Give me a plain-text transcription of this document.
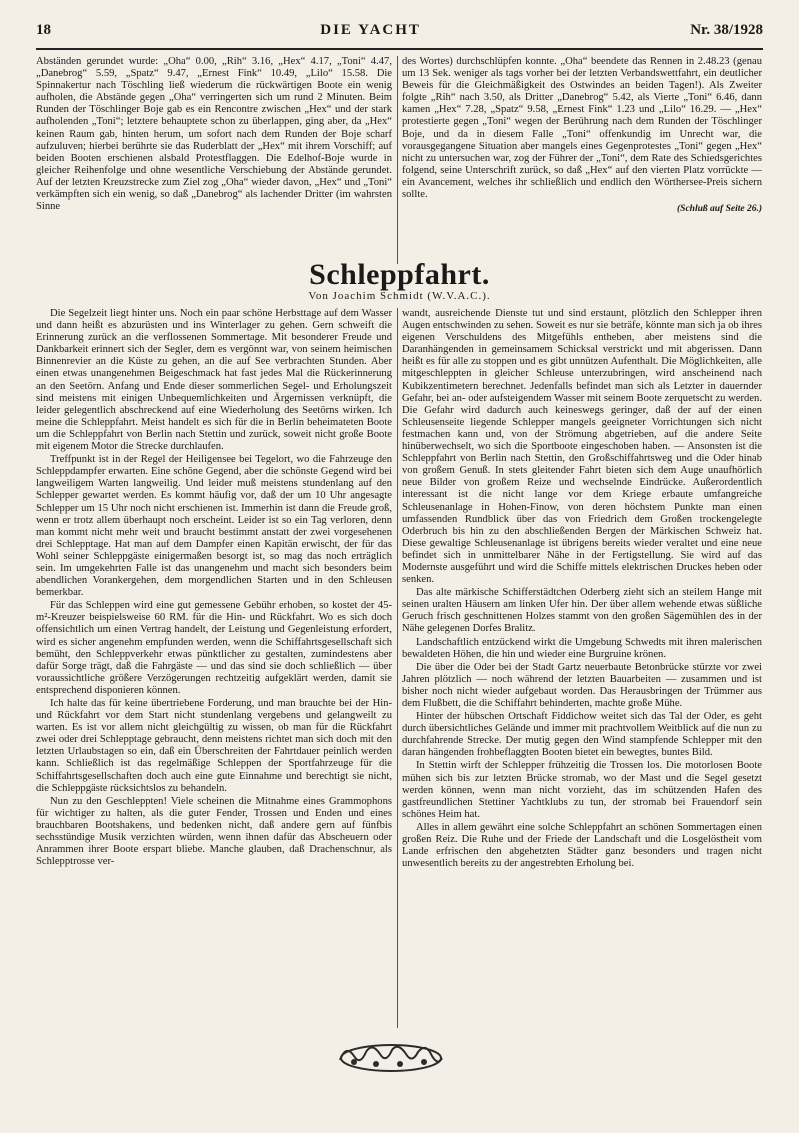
18	DIE YACHT	Nr. 38/1928

Abständen gerundet wurde: „Oha“ 0.00, „Rih“ 3.16, „Hex“ 4.17, „Toni“ 4.47, „Danebrog“ 5.59, „Spatz“ 9.47, „Ernest Fink“ 10.49, „Lilo“ 15.58. Die Spinnakertur nach Töschling ließ wiederum die rückwärtigen Boote ein wenig aufholen, die Abstände gegen „Oha“ verringerten sich um rund 2 Minuten. Beim Runden der Töschlinger Boje gab es ein Rencontre zwischen „Hex“ und der stark aufholenden „Toni“; letztere behauptete schon zu überlappen, ging aber, da „Hex“ keinen Raum gab, hinten herum, um sofort nach dem Runden der Boje scharf aufzuluven; hierbei berührte sie das Ruderblatt der „Hex“ mit ihrem Vorschiff; auf beiden Booten erschienen alsbald Protestflaggen. Die Edelhof-Boje wurde in gleicher Reihenfolge und ohne wesentliche Verschiebung der Abstände gerundet. Auf der letzten Kreuzstrecke zum Ziel zog „Oha“ wieder davon, „Hex“ und „Toni“ verkämpften sich ein wenig, so daß „Danebrog“ als lachender Dritter (im wahrsten Sinne

des Wortes) durchschlüpfen konnte. „Oha“ beendete das Rennen in 2.48.23 (genau um 13 Sek. weniger als tags vorher bei der letzten Verbandswettfahrt, ein deutlicher Beweis für die Gleichmäßigkeit des Ostwindes an beiden Tagen!). Als Zweiter folgte „Rih“ nach 3.50, als Dritter „Danebrog“ 5.42, als Vierte „Toni“ 6.46, dann kamen „Hex“ 7.28, „Spatz“ 9.58, „Ernest Fink“ 1.23 und „Lilo“ 16.29. — „Hex“ protestierte gegen „Toni“ wegen der Berührung nach dem Runden der Töschlinger Boje, und da in diesem Falle „Toni“ offenkundig im Unrecht war, die vorausgegangene Situation aber mangels eines Gegenprotestes „Toni“ gegen „Hex“ nicht zu untersuchen war, zog der Führer der „Toni“, dem Rate des Schiedsgerichtes folgend, seine Unterschrift zurück, so daß „Hex“ auf den vierten Platz vorrückte — ein Avancement, welches ihr schließlich und endlich den Wörthersee-Preis sichern sollte.

(Schluß auf Seite 26.)
Schleppfahrt.
Von Joachim Schmidt (W.V.A.C.).

Die Segelzeit liegt hinter uns. Noch ein paar schöne Herbsttage auf dem Wasser und dann heißt es abzurüsten und ins Winterlager zu gehen. Gern schweift die Erinnerung zurück an die verflossenen Sommertage. Mit besonderer Freude und Dankbarkeit erinnert sich der Segler, dem es vergönnt war, von seinem heimischen Binnenrevier an die Küste zu gehen, an die auf See verbrachten Stunden. Aber einen etwas unangenehmen Beigeschmack hat fast jedes Mal die Rückerinnerung an den Seetörn. Anfang und Ende dieser sommerlichen Segel- und Erholungszeit sind meistens mit einigen Unbequemlichkeiten und Ärgernissen verknüpft, die leider gelegentlich abschreckend auf eine Wiederholung des Seetörns wirken. Ich meine die Schleppfahrt. Meist handelt es sich für die in Berlin beheimateten Boote um die Schleppfahrt von Berlin nach Stettin und zurück, soweit nicht große Boote mit eigenem Motor die Strecke durchlaufen.

Treffpunkt ist in der Regel der Heiligensee bei Tegelort, wo die Fahrzeuge den Schleppdampfer erwarten. Eine schöne Gegend, aber die schönste Gegend wird bei langweiligem Warten langweilig. Und leider muß meistens stundenlang auf den Schlepper gewartet werden. Es kommt häufig vor, daß der um 10 Uhr angesagte Schlepper um 15 Uhr noch nicht erschienen ist. Immerhin ist dann die Freude groß, wenn er trotz allem überhaupt noch erscheint. Leider ist so ein Tag verloren, denn man kommt nicht mehr weit und braucht bestimmt anstatt der zwei vorgesehenen drei Schlepptage. Hat man auf dem Dampfer einen Kapitän erwischt, der für das Wohl seiner Schleppgäste einigermaßen besorgt ist, so mag das noch erträglich sein. Im umgekehrten Falle ist das unangenehm und macht sich besonders beim abendlichen Vorankergehen, dem morgendlichen Starten und in den Schleusen bemerkbar.

Für das Schleppen wird eine gut gemessene Gebühr erhoben, so kostet der 45-m²-Kreuzer beispielsweise 60 RM. für die Hin- und Rückfahrt. Wo es sich doch offensichtlich um einen Vertrag handelt, der Leistung und Gegenleistung erfordert, wird es sicher angenehm empfunden werden, wenn die Schiffahrtsgesellschaft sich bemüht, den Schleppverkehr etwas pünktlicher zu gestalten, zumindestens aber dafür Sorge trägt, daß die Fahrgäste — und das sind sie doch schließlich — über voraussichtliche größere Verzögerungen rechtzeitig aufgeklärt werden, damit sie entsprechend disponieren können.

Ich halte das für keine übertriebene Forderung, und man brauchte bei der Hin- und Rückfahrt vor dem Start nicht stundenlang vergebens und gelangweilt zu warten. Es ist vor allem nicht gleichgültig zu wissen, ob man für die Rückfahrt zwei oder drei Schlepptage gebraucht, denn meistens richtet man sich doch mit den letzten Urlaubstagen so ein, daß ein Überschreiten der Fahrtdauer peinlich werden kann. Schließlich ist das regelmäßige Schleppen der Sportfahrzeuge für die Schiffahrtsgesellschaften doch auch eine gute Einnahme und berechtigt sie nicht, die Schleppgäste rücksichtslos zu behandeln.

Nun zu den Geschleppten! Viele scheinen die Mitnahme eines Grammophons für wichtiger zu halten, als die guter Fender, Trossen und Enden und eines brauchbaren Bootshakens, und bedenken nicht, daß andere gern auf fünfbis sechsstündige Musik verzichten würden, wenn ihnen dafür das Abscheuern oder Anrammen ihrer Boote erspart bliebe. Manche glauben, daß Drachenschnur, als Schlepptrosse ver-

wandt, ausreichende Dienste tut und sind erstaunt, plötzlich den Schlepper ihren Augen entschwinden zu sehen. Soweit es nur sie beträfe, könnte man sich ja ob ihres eigenen Verschuldens des Mitgefühls entheben, aber meistens sind die Daranhängenden in gemeinsamem Schicksal verstrickt und mit abgerissen. Dann heißt es für alle zu stoppen und es gibt unnützen Aufenthalt. Die Möglichkeiten, alle mitgeschleppten in gleicher Schleuse unterzubringen, wird anscheinend nach Kubikzentimetern berechnet. Jedenfalls befindet man sich als Letzter in dauernder Gefahr, bei an- oder aufsteigendem Wasser mit seinem Boote zerquetscht zu werden. Die Gefahr wird dadurch auch keineswegs geringer, daß der auf der einen Schleusenseite liegende Schlepper mangels geeigneter Vorrichtungen sich nicht festmachen kann und, von der Strömung abgetrieben, auf die andere Seite hinüberwechselt, wo sich die Sportboote eingeschoben haben. — Ansonsten ist die Schleppfahrt von Berlin nach Stettin, den Großschiffahrtsweg und die Oder hinab von großem Genuß. In stets gleitender Fahrt bieten sich dem Auge unaufhörlich neue Bilder von großem Reize und wechselnde Eindrücke. Außerordentlich interessant ist die nicht lange vor dem Kriege erbaute umfangreiche Schleusenanlage in Hohen-Finow, von deren höchstem Punkte man einen umfassenden Rundblick über das von Friedrich dem Großen trockengelegte Oderbruch bis hin zu den abschließenden Bergen der Märkischen Schweiz hat. Diese gewaltige Schleusenanlage ist übrigens bereits wieder veraltet und eine neue befindet sich in unmittelbarer Nähe in der Fertigstellung. Sie wird auf das Modernste ausgeführt und wird die Schiffe mittels elektrischen Druckes heben oder senken.

Das alte märkische Schifferstädtchen Oderberg zieht sich an steilem Hange mit seinen uralten Häusern am linken Ufer hin. Der über allem wehende etwas süßliche Geruch frisch geschnittenen Holzes stammt von den großen Sägemühlen des in der Nähe gelegenen Dorfes Bralitz.

Landschaftlich entzückend wirkt die Umgebung Schwedts mit ihren malerischen bewaldeten Höhen, die hin und wieder eine Burgruine krönen.

Die über die Oder bei der Stadt Gartz neuerbaute Betonbrücke stürzte vor zwei Jahren plötzlich — noch während der letzten Bauarbeiten — zusammen und ist bisher noch nicht wieder aufgebaut worden. Das Herausbringen der Trümmer aus dem Flußbett, die die Schiffahrt behinderten, machte große Mühe.

Hinter der hübschen Ortschaft Fiddichow weitet sich das Tal der Oder, es geht durch übersichtliches Gelände und immer mit prachtvollem Weitblick auf die nun zu durchfahrende Strecke. Der mutig gegen den Wind stampfende Schlepper mit den daran hängenden frohbeflaggten Booten bietet ein bewegtes, buntes Bild.

In Stettin wirft der Schlepper frühzeitig die Trossen los. Die motorlosen Boote mühen sich bis zur letzten Brücke stromab, wo der Mast und die Segel gesetzt werden können, wenn man nicht vorzieht, das im schützenden Hafen des gastfreundlichen Stettiner Yachtklubs zu tun, der stromab bei Frauendorf sein schönes Heim hat.

Alles in allem gewährt eine solche Schleppfahrt an schönen Sommertagen einen großen Reiz. Die Ruhe und der Friede der Landschaft und die Losgelöstheit vom Lande erfrischen den abgehetzten Städter ganz besonders und tragen nicht unwesentlich bereits zu der angestrebten Erholung bei.
